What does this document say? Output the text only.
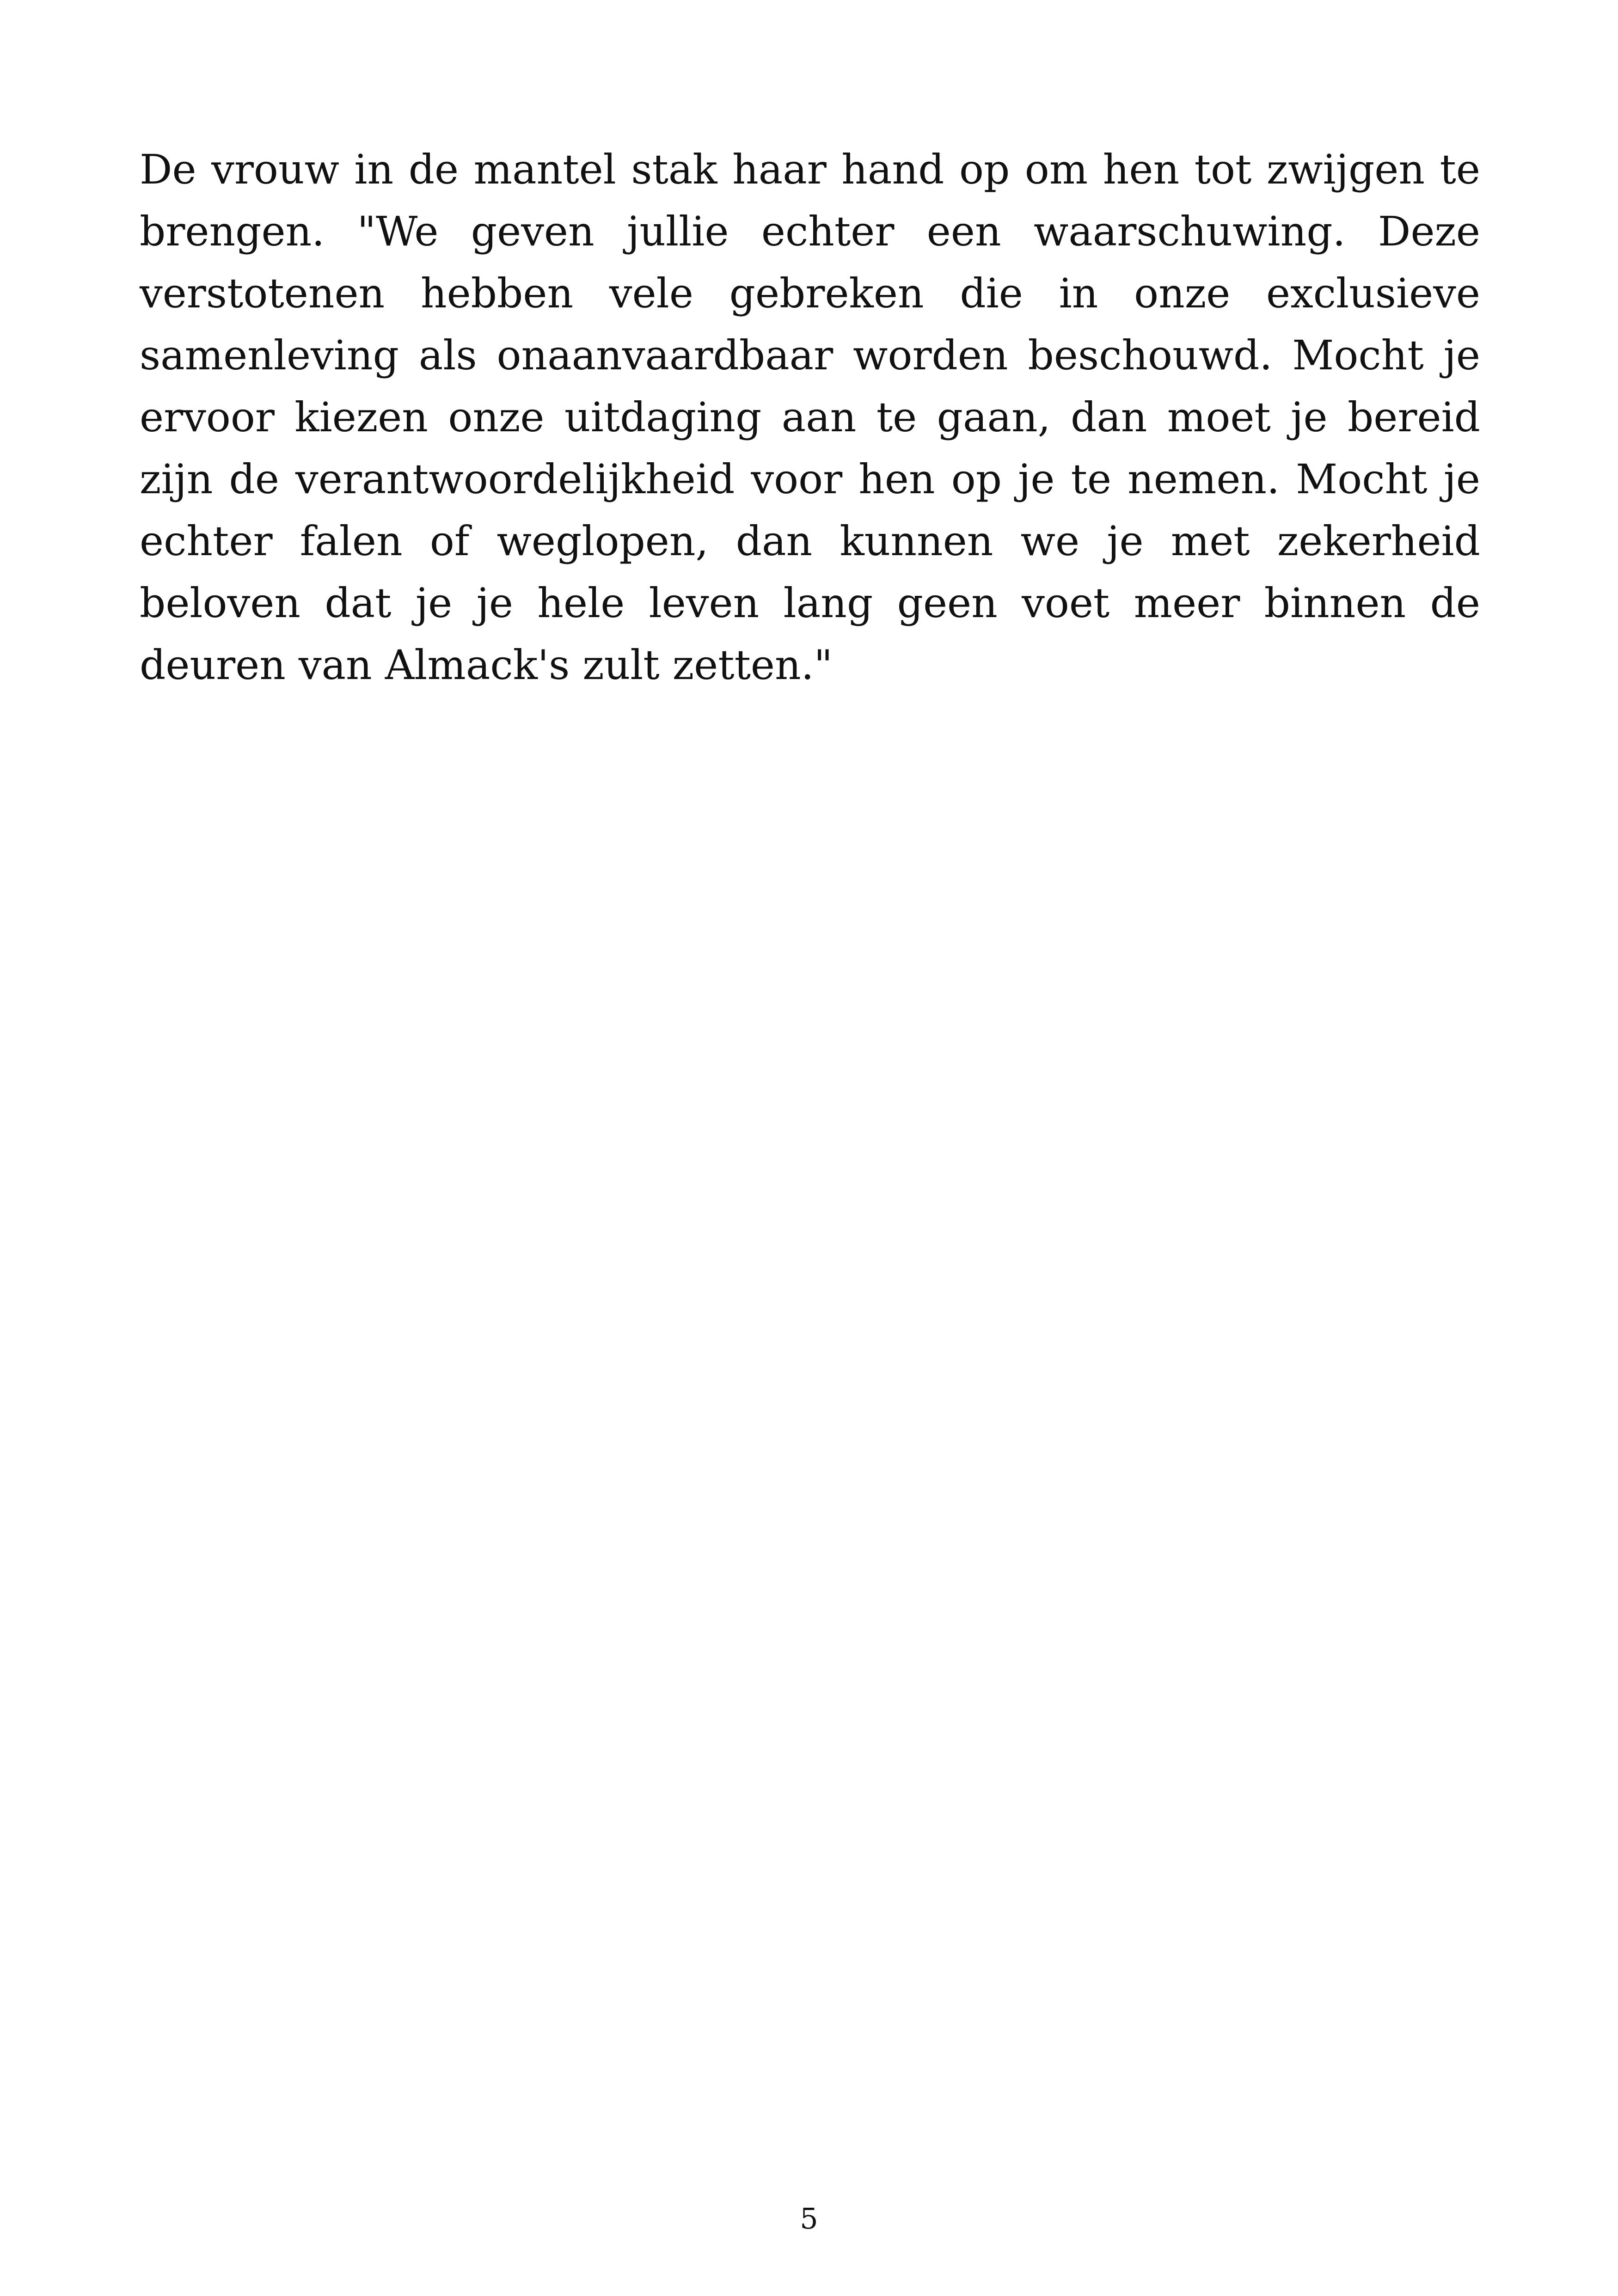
De vrouw in de mantel stak haar hand op om hen tot zwijgen te brengen. "We geven jullie echter een waarschuwing. Deze verstotenen hebben vele gebreken die in onze exclusieve samenleving als onaanvaardbaar worden beschouwd. Mocht je ervoor kiezen onze uitdaging aan te gaan, dan moet je bereid zijn de verantwoordelijkheid voor hen op je te nemen. Mocht je echter falen of weglopen, dan kunnen we je met zekerheid beloven dat je je hele leven lang geen voet meer binnen de deuren van Almack's zult zetten."

5
